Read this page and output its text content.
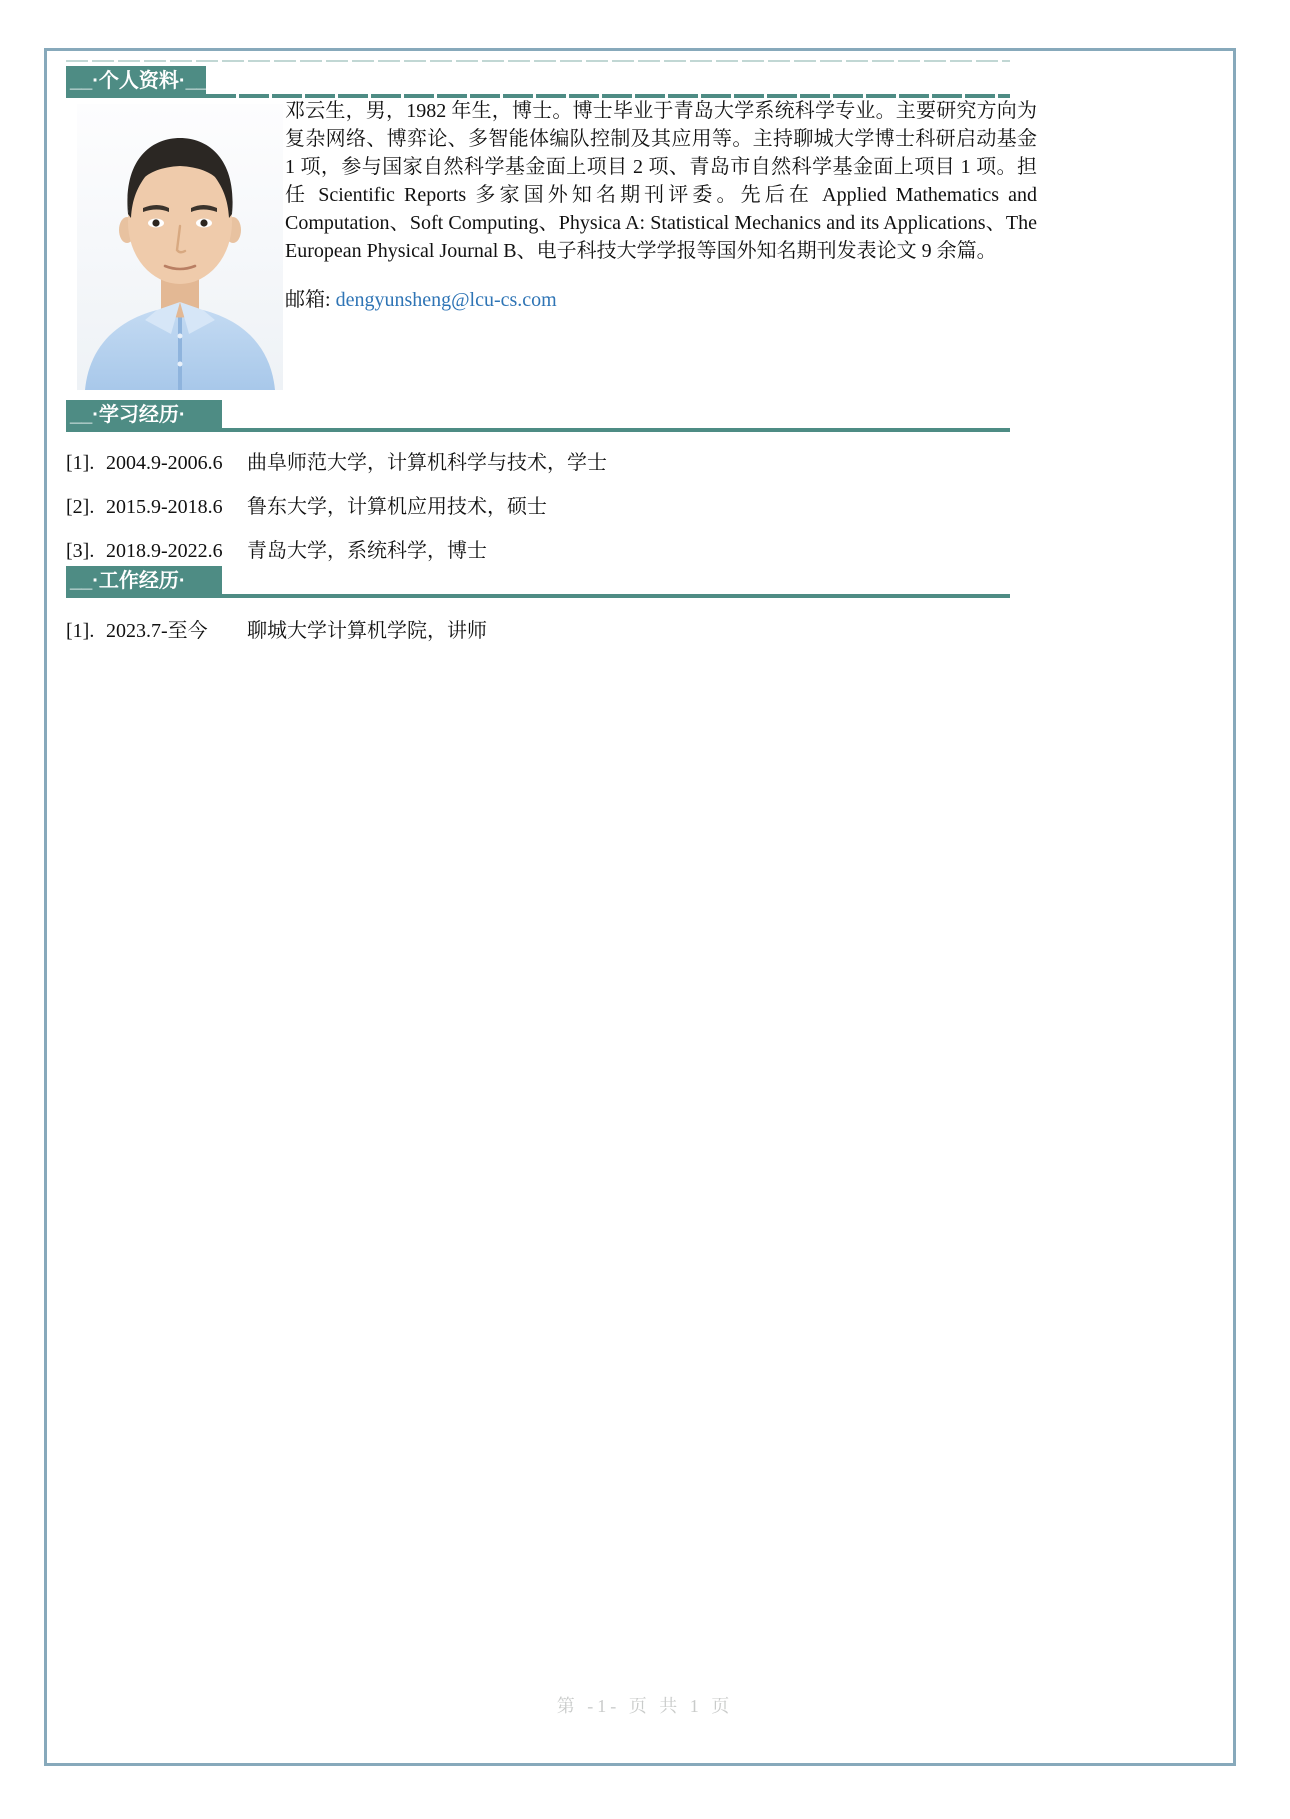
__·个人资料·__
邓云生，男，1982 年生，博士。博士毕业于青岛大学系统科学专业。主要研究方向为复杂网络、博弈论、多智能体编队控制及其应用等。主持聊城大学博士科研启动基金 1 项，参与国家自然科学基金面上项目 2 项、青岛市自然科学基金面上项目 1 项。担任 Scientific Reports 多家国外知名期刊评委。先后在 Applied Mathematics and Computation、Soft Computing、Physica A: Statistical Mechanics and its Applications、The European Physical Journal B、电子科技大学学报等国外知名期刊发表论文 9 余篇。
邮箱: dengyunsheng@lcu-cs.com
__·学习经历·
[1]. 2004.9-2006.6	曲阜师范大学，计算机科学与技术，学士
[2]. 2015.9-2018.6	鲁东大学，计算机应用技术，硕士
[3]. 2018.9-2022.6	青岛大学，系统科学，博士
__·工作经历·
[1]. 2023.7-至今	聊城大学计算机学院，讲师
第 -1- 页 共 1 页
